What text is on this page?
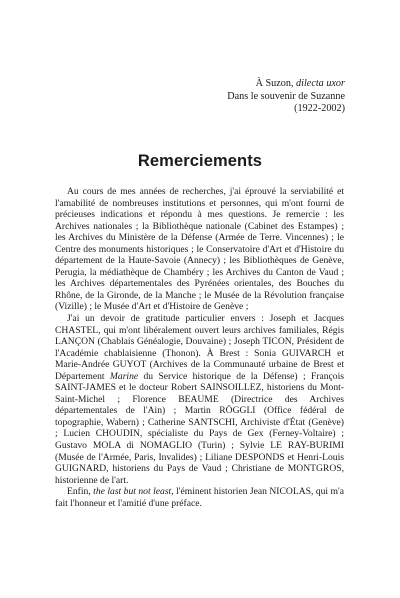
À Suzon, dilecta uxor
Dans le souvenir de Suzanne
(1922-2002)
Remerciements

Au cours de mes années de recherches, j'ai éprouvé la serviabilité et l'amabilité de nombreuses institutions et personnes, qui m'ont fourni de précieuses indications et répondu à mes questions. Je remercie : les Archives nationales ; la Bibliothèque nationale (Cabinet des Estampes) ; les Archives du Ministère de la Défense (Armée de Terre. Vincennes) ; le Centre des monuments historiques ; le Conservatoire d'Art et d'Histoire du département de la Haute-Savoie (Annecy) ; les Bibliothèques de Genève, Perugia, la médiathèque de Chambéry ; les Archives du Canton de Vaud ; les Archives départementales des Pyrénées orientales, des Bouches du Rhône, de la Gironde, de la Manche ; le Musée de la Révolution française (Vizille) ; le Musée d'Art et d'Histoire de Genève ;

J'ai un devoir de gratitude particulier envers : Joseph et Jacques CHASTEL, qui m'ont libéralement ouvert leurs archives familiales, Régis LANÇON (Chablais Généalogie, Douvaine) ; Joseph TICON, Président de l'Académie chablaisienne (Thonon). À Brest : Sonia GUIVARCH et Marie-Andrée GUYOT (Archives de la Communauté urbaine de Brest et Département Marine du Service historique de la Défense) ; François SAINT-JAMES et le docteur Robert SAINSOILLEZ, historiens du Mont-Saint-Michel ; Florence BEAUME (Directrice des Archives départementales de l'Ain) ; Martin RÖGGLI (Office fédéral de topographie, Wabern) ; Catherine SANTSCHI, Archiviste d'État (Genève) ; Lucien CHOUDIN, spécialiste du Pays de Gex (Ferney-Voltaire) ; Gustavo MOLA di NOMAGLIO (Turin) ; Sylvie LE RAY-BURIMI (Musée de l'Armée, Paris, Invalides) ; Liliane DESPONDS et Henri-Louis GUIGNARD, historiens du Pays de Vaud ; Christiane de MONTGROS, historienne de l'art.

Enfin, the last but not least, l'éminent historien Jean NICOLAS, qui m'a fait l'honneur et l'amitié d'une préface.
